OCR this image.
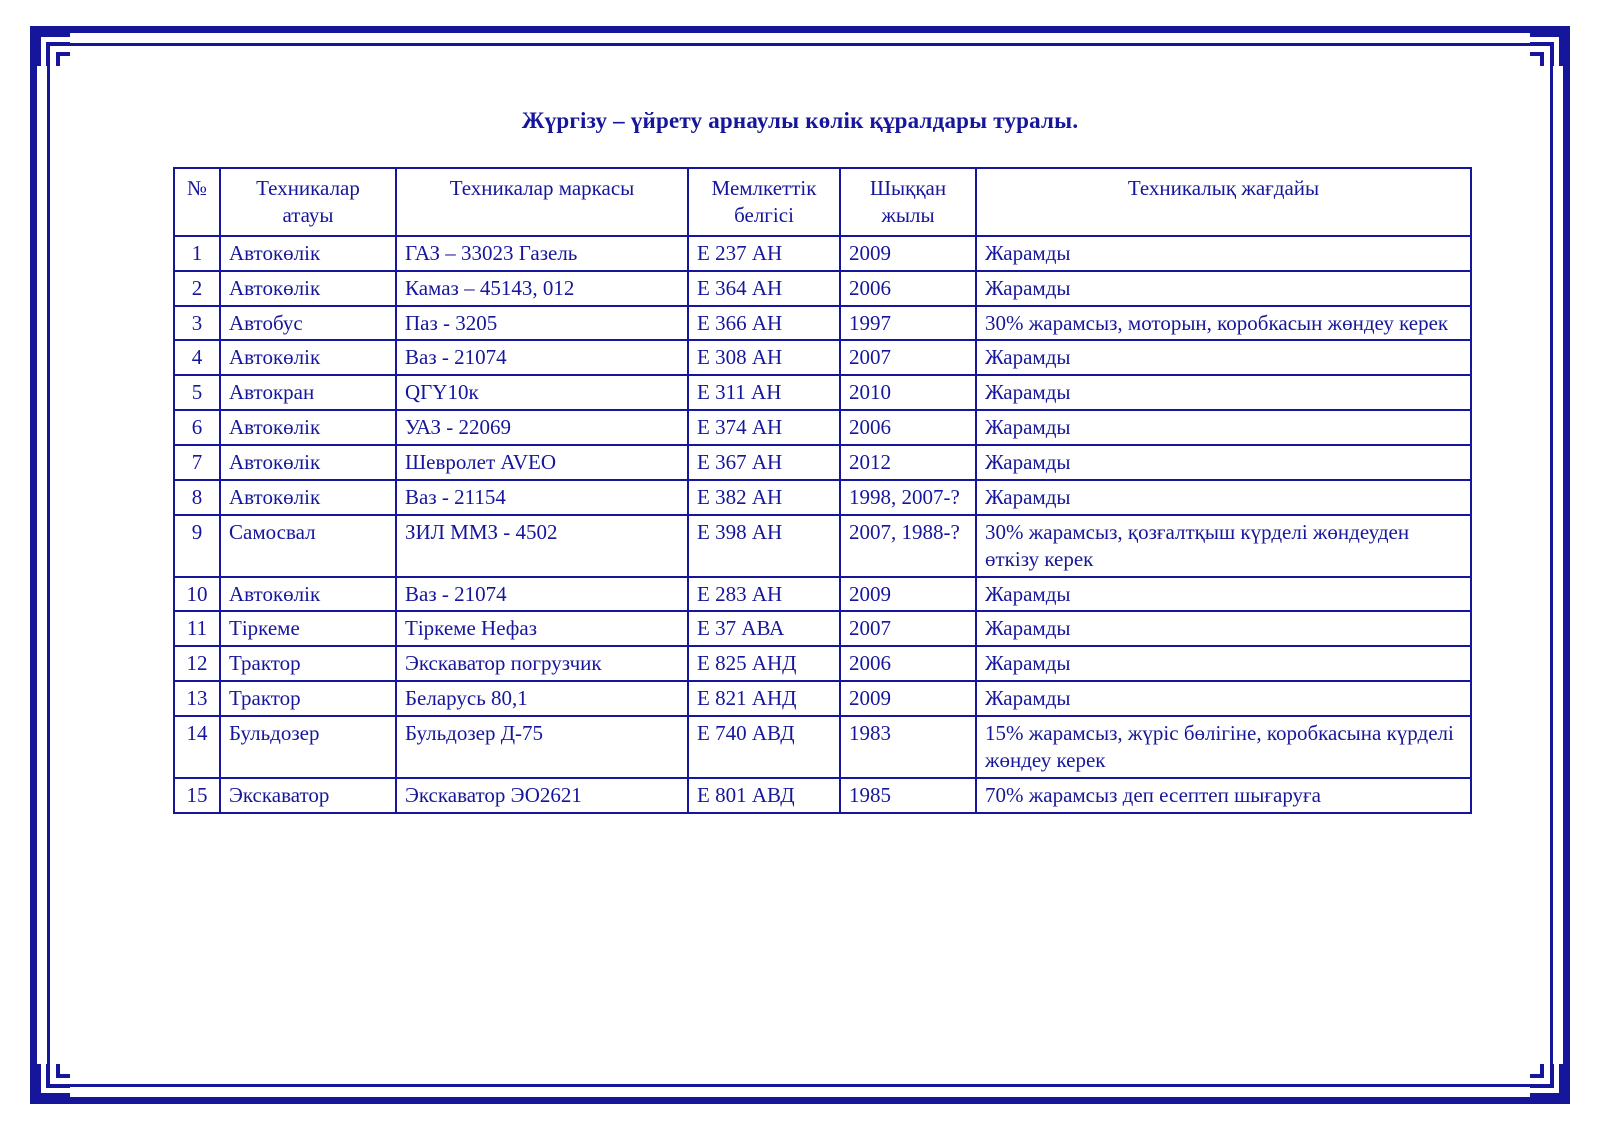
Жүргізу – үйрету арнаулы көлік құралдары туралы.
№	Техникалар атауы	Техникалар маркасы	Мемлкеттік белгісі	Шыққан жылы	Техникалық жағдайы
1	Автокөлік	ГАЗ – 33023 Газель	Е 237 АН	2009	Жарамды
2	Автокөлік	Камаз – 45143, 012	Е 364 АН	2006	Жарамды
3	Автобус	Паз - 3205	Е 366 АН	1997	30% жарамсыз, моторын, коробкасын жөндеу керек
4	Автокөлік	Ваз - 21074	Е 308 АН	2007	Жарамды
5	Автокран	QГҮ10к	Е 311 АН	2010	Жарамды
6	Автокөлік	УАЗ - 22069	Е 374 АН	2006	Жарамды
7	Автокөлік	Шевролет AVEO	Е 367 АН	2012	Жарамды
8	Автокөлік	Ваз - 21154	Е 382 АН	1998, 2007-?	Жарамды
9	Самосвал	ЗИЛ ММЗ - 4502	Е 398 АН	2007, 1988-?	30% жарамсыз, қозғалтқыш күрделі жөндеуден өткізу керек
10	Автокөлік	Ваз - 21074	Е 283 АН	2009	Жарамды
11	Тіркеме	Тіркеме Нефаз	Е 37 АВА	2007	Жарамды
12	Трактор	Экскаватор погрузчик	Е 825 АНД	2006	Жарамды
13	Трактор	Беларусь 80,1	Е 821 АНД	2009	Жарамды
14	Бульдозер	Бульдозер Д-75	Е 740 АВД	1983	15% жарамсыз, жүріс бөлігіне, коробкасына күрделі жөндеу керек
15	Экскаватор	Экскаватор ЭО2621	Е 801 АВД	1985	70% жарамсыз деп есептеп шығаруға
